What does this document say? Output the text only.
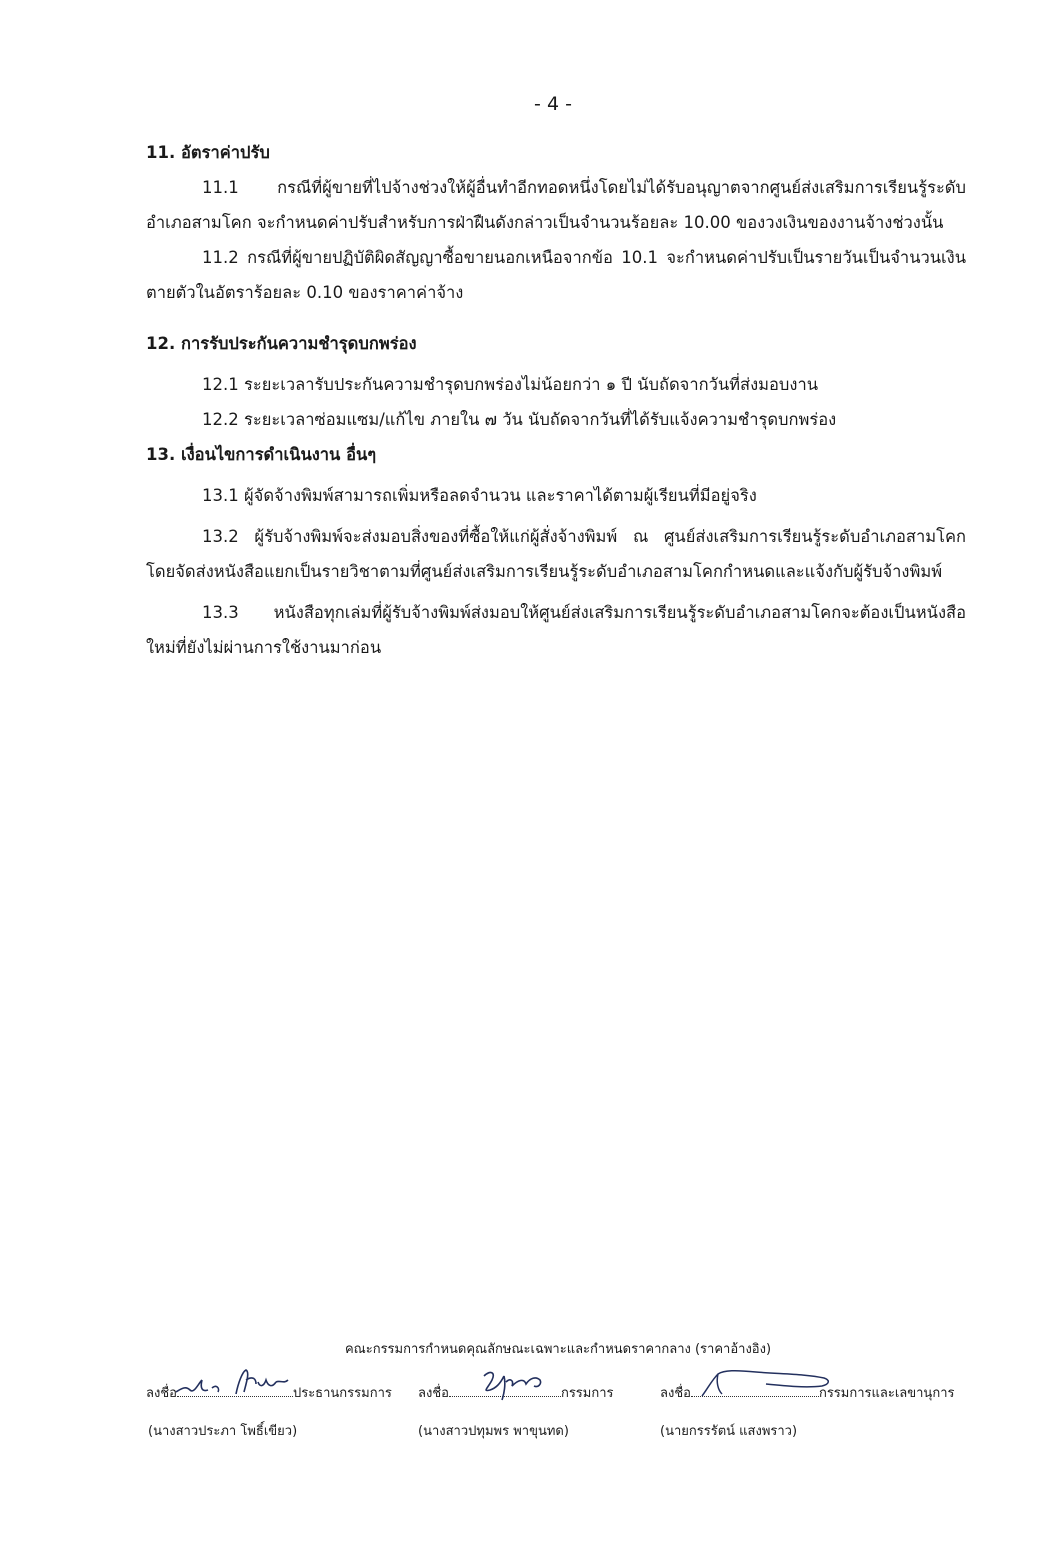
- 4 -

11. อัตราค่าปรับ

11.1 กรณีที่ผู้ขายที่ไปจ้างช่วงให้ผู้อื่นทำอีกทอดหนึ่งโดยไม่ได้รับอนุญาตจากศูนย์ส่งเสริมการเรียนรู้ระดับอำเภอสามโคก จะกำหนดค่าปรับสำหรับการฝ่าฝืนดังกล่าวเป็นจำนวนร้อยละ 10.00 ของวงเงินของงานจ้างช่วงนั้น

11.2 กรณีที่ผู้ขายปฏิบัติผิดสัญญาซื้อขายนอกเหนือจากข้อ 10.1 จะกำหนดค่าปรับเป็นรายวันเป็นจำนวนเงินตายตัวในอัตราร้อยละ 0.10 ของราคาค่าจ้าง

12. การรับประกันความชำรุดบกพร่อง

12.1 ระยะเวลารับประกันความชำรุดบกพร่องไม่น้อยกว่า ๑ ปี นับถัดจากวันที่ส่งมอบงาน

12.2 ระยะเวลาซ่อมแซม/แก้ไข ภายใน ๗ วัน นับถัดจากวันที่ได้รับแจ้งความชำรุดบกพร่อง

13. เงื่อนไขการดำเนินงาน อื่นๆ

13.1 ผู้จัดจ้างพิมพ์สามารถเพิ่มหรือลดจำนวน และราคาได้ตามผู้เรียนที่มีอยู่จริง

13.2 ผู้รับจ้างพิมพ์จะส่งมอบสิ่งของที่ซื้อให้แก่ผู้สั่งจ้างพิมพ์ ณ ศูนย์ส่งเสริมการเรียนรู้ระดับอำเภอสามโคก โดยจัดส่งหนังสือแยกเป็นรายวิชาตามที่ศูนย์ส่งเสริมการเรียนรู้ระดับอำเภอสามโคกกำหนดและแจ้งกับผู้รับจ้างพิมพ์

13.3 หนังสือทุกเล่มที่ผู้รับจ้างพิมพ์ส่งมอบให้ศูนย์ส่งเสริมการเรียนรู้ระดับอำเภอสามโคกจะต้องเป็นหนังสือใหม่ที่ยังไม่ผ่านการใช้งานมาก่อน

คณะกรรมการกำหนดคุณลักษณะเฉพาะและกำหนดราคากลาง (ราคาอ้างอิง)
ลงชื่อ	ประธานกรรมการ
(นางสาวประภา โพธิ์เขียว)
ลงชื่อ	กรรมการ
(นางสาวปทุมพร พาขุนทด)
ลงชื่อ	กรรมการและเลขานุการ
(นายกรรรัตน์ แสงพราว)
